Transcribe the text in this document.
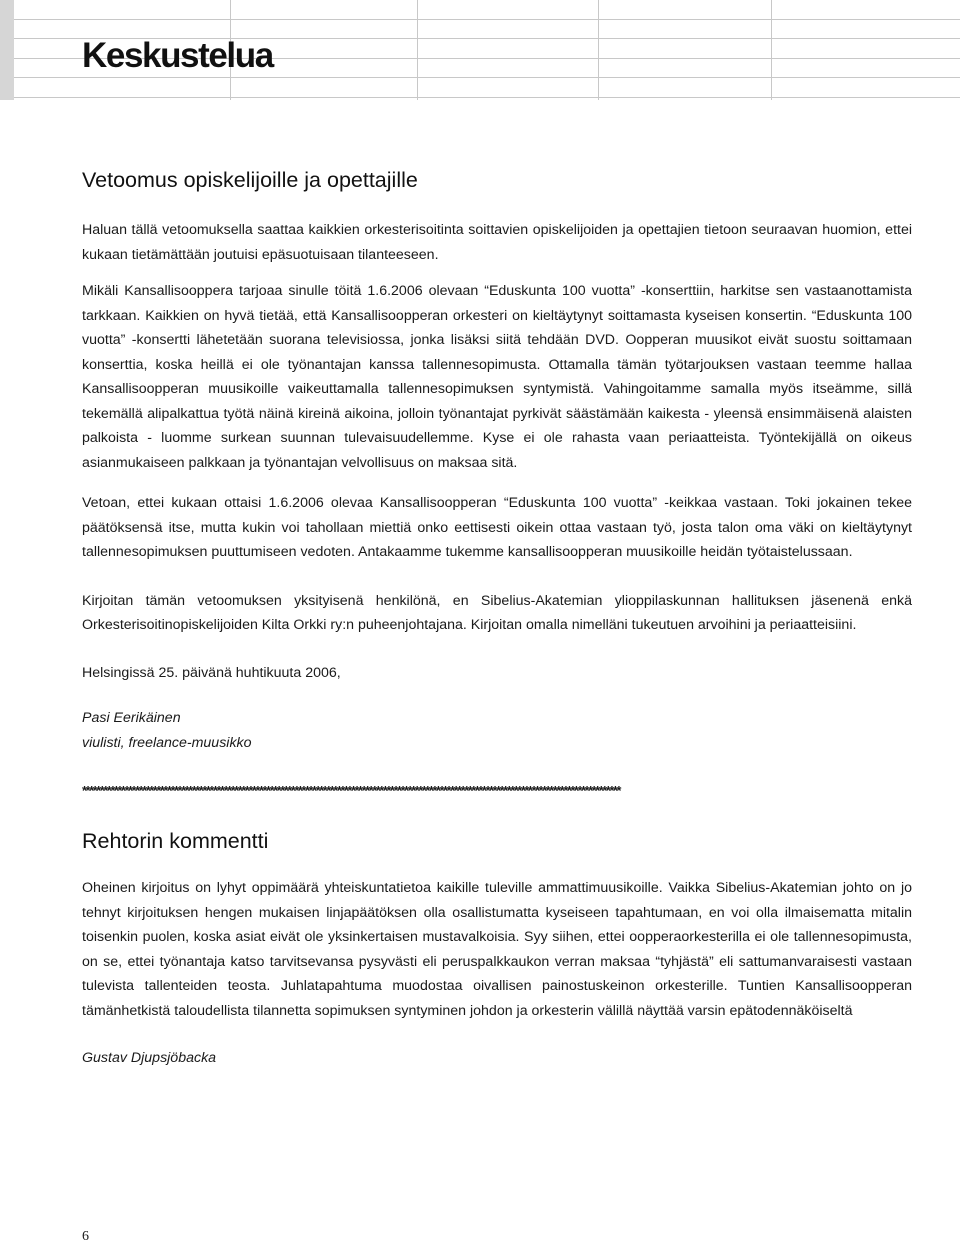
Keskustelua
Vetoomus opiskelijoille ja opettajille

Haluan tällä vetoomuksella saattaa kaikkien orkesterisoitinta soittavien opiskelijoiden ja opettajien tietoon seuraavan huomion, ettei kukaan tietämättään joutuisi epäsuotuisaan tilanteeseen.

Mikäli Kansallisooppera tarjoaa sinulle töitä 1.6.2006 olevaan “Eduskunta 100 vuotta” -konserttiin, harkitse sen vastaanottamista tarkkaan. Kaikkien on hyvä tietää, että Kansallisoopperan orkesteri on kieltäytynyt soittamasta kyseisen konsertin. “Eduskunta 100 vuotta” -konsertti lähetetään suorana televisiossa, jonka lisäksi siitä tehdään DVD. Oopperan muusikot eivät suostu soittamaan konserttia, koska heillä ei ole työnantajan kanssa tallennesopimusta. Ottamalla tämän työtarjouksen vastaan teemme hallaa Kansallisoopperan muusikoille vaikeuttamalla tallennesopimuksen syntymistä. Vahingoitamme samalla myös itseämme, sillä tekemällä alipalkattua työtä näinä kireinä aikoina, jolloin työnantajat pyrkivät säästämään kaikesta - yleensä ensimmäisenä alaisten palkoista - luomme surkean suunnan tulevaisuudellemme. Kyse ei ole rahasta vaan periaatteista. Työntekijällä on oikeus asianmukaiseen palkkaan ja työnantajan velvollisuus on maksaa sitä.

Vetoan, ettei kukaan ottaisi 1.6.2006 olevaa Kansallisoopperan “Eduskunta 100 vuotta” -keikkaa vastaan. Toki jokainen tekee päätöksensä itse, mutta kukin voi tahollaan miettiä onko eettisesti oikein ottaa vastaan työ, josta talon oma väki on kieltäytynyt tallennesopimuksen puuttumiseen vedoten. Antakaamme tukemme kansallisoopperan muusikoille heidän työtaistelussaan.

Kirjoitan tämän vetoomuksen yksityisenä henkilönä, en Sibelius-Akatemian ylioppilaskunnan hallituksen jäsenenä enkä Orkesterisoitinopiskelijoiden Kilta Orkki ry:n puheenjohtajana. Kirjoitan omalla nimelläni tukeutuen arvoihini ja periaatteisiini.

Helsingissä 25. päivänä huhtikuuta 2006,

Pasi Eerikäinen

viulisti, freelance-muusikko

********************************************************************************************************************************************************
Rehtorin kommentti

Oheinen kirjoitus on lyhyt oppimäärä yhteiskuntatietoa kaikille tuleville ammattimuusikoille. Vaikka Sibelius-Akatemian johto on jo tehnyt kirjoituksen hengen mukaisen linjapäätöksen olla osallistumatta kyseiseen tapahtumaan, en voi olla ilmaisematta mitalin toisenkin puolen, koska asiat eivät ole yksinkertaisen mustavalkoisia. Syy siihen, ettei oopperaorkesterilla ei ole tallennesopimusta, on se, ettei työnantaja katso tarvitsevansa pysyvästi eli peruspalkkaukon verran maksaa “tyhjästä” eli sattumanvaraisesti vastaan tulevista tallenteiden teosta. Juhlatapahtuma muodostaa oivallisen painostuskeinon orkesterille. Tuntien Kansallisoopperan tämänhetkistä taloudellista tilannetta sopimuksen syntyminen johdon ja orkesterin välillä näyttää varsin epätodennäköiseltä

Gustav Djupsjöbacka

6
